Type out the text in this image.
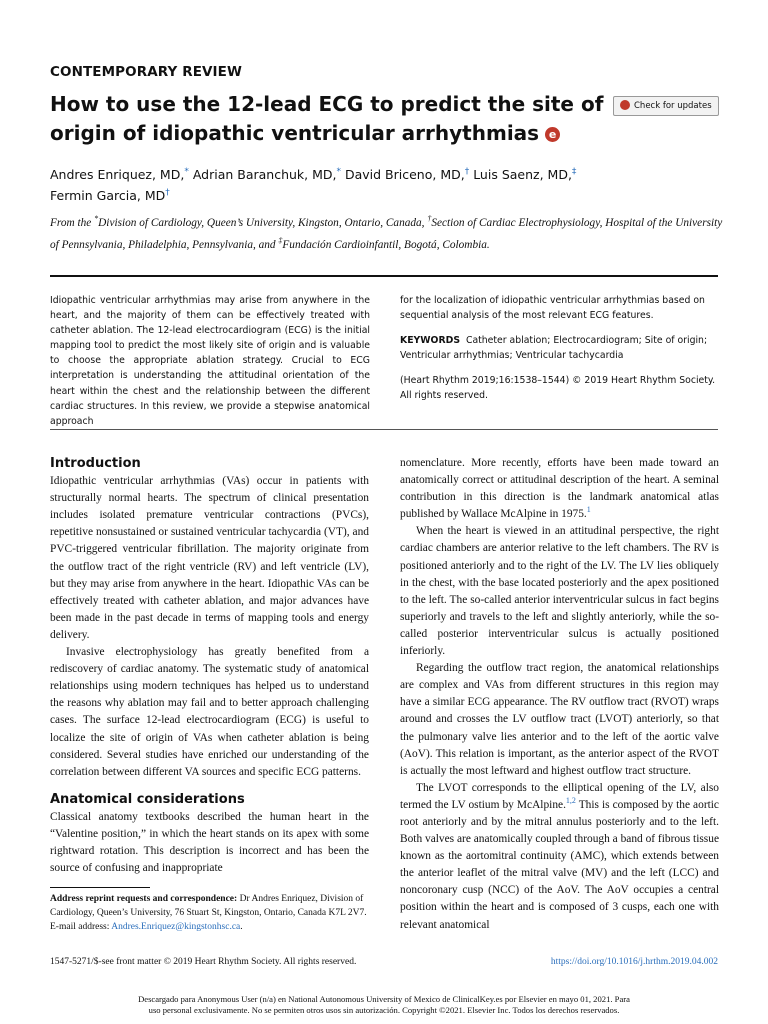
CONTEMPORARY REVIEW
How to use the 12-lead ECG to predict the site of origin of idiopathic ventricular arrhythmias e
Check for updates
Andres Enriquez, MD,* Adrian Baranchuk, MD,* David Briceno, MD,† Luis Saenz, MD,‡
Fermin Garcia, MD†
From the *Division of Cardiology, Queen’s University, Kingston, Ontario, Canada, †Section of Cardiac Electrophysiology, Hospital of the University of Pennsylvania, Philadelphia, Pennsylvania, and ‡Fundación Cardioinfantil, Bogotá, Colombia.
Idiopathic ventricular arrhythmias may arise from anywhere in the heart, and the majority of them can be effectively treated with catheter ablation. The 12-lead electrocardiogram (ECG) is the initial mapping tool to predict the most likely site of origin and is valuable to choose the appropriate ablation strategy. Crucial to ECG interpretation is understanding the attitudinal orientation of the heart within the chest and the relationship between the different cardiac structures. In this review, we provide a stepwise anatomical approach

for the localization of idiopathic ventricular arrhythmias based on sequential analysis of the most relevant ECG features.

KEYWORDS Catheter ablation; Electrocardiogram; Site of origin; Ventricular arrhythmias; Ventricular tachycardia

(Heart Rhythm 2019;16:1538–1544) © 2019 Heart Rhythm Society. All rights reserved.

Introduction

Idiopathic ventricular arrhythmias (VAs) occur in patients with structurally normal hearts. The spectrum of clinical presentation includes isolated premature ventricular contractions (PVCs), repetitive nonsustained or sustained ventricular tachycardia (VT), and PVC-triggered ventricular fibrillation. The majority originate from the outflow tract of the right ventricle (RV) and left ventricle (LV), but they may arise from anywhere in the heart. Idiopathic VAs can be effectively treated with catheter ablation, and major advances have been made in the past decade in terms of mapping tools and energy delivery.

Invasive electrophysiology has greatly benefited from a rediscovery of cardiac anatomy. The systematic study of anatomical relationships using modern techniques has helped us to understand the reasons why ablation may fail and to better approach challenging cases. The surface 12-lead electrocardiogram (ECG) is useful to localize the site of origin of VAs when catheter ablation is being considered. Several studies have enriched our understanding of the correlation between different VA sources and specific ECG patterns.

Anatomical considerations

Classical anatomy textbooks described the human heart in the “Valentine position,” in which the heart stands on its apex with some rightward rotation. This description is incorrect and has been the source of confusing and inappropriate

nomenclature. More recently, efforts have been made toward an anatomically correct or attitudinal description of the heart. A seminal contribution in this direction is the landmark anatomical atlas published by Wallace McAlpine in 1975.$^1$

When the heart is viewed in an attitudinal perspective, the right cardiac chambers are anterior relative to the left chambers. The RV is positioned anteriorly and to the right of the LV. The LV lies obliquely in the chest, with the base located posteriorly and the apex positioned to the left. The so-called anterior interventricular sulcus in fact begins superiorly and travels to the left and slightly anteriorly, while the so-called posterior interventricular sulcus is actually positioned inferiorly.

Regarding the outflow tract region, the anatomical relationships are complex and VAs from different structures in this region may have a similar ECG appearance. The RV outflow tract (RVOT) wraps around and crosses the LV outflow tract (LVOT) anteriorly, so that the pulmonary valve lies anterior and to the left of the aortic valve (AoV). This relation is important, as the anterior aspect of the RVOT is actually the most leftward and highest outflow tract structure.

The LVOT corresponds to the elliptical opening of the LV, also termed the LV ostium by McAlpine.$^{1,2}$ This is composed by the aortic root anteriorly and by the mitral annulus posteriorly and to the left. Both valves are anatomically coupled through a band of fibrous tissue known as the aortomitral continuity (AMC), which extends between the anterior leaflet of the mitral valve (MV) and the left (LCC) and noncoronary cusp (NCC) of the AoV. The AoV occupies a central position within the heart and is composed of 3 cusps, each one with relevant anatomical

Address reprint requests and correspondence: Dr Andres Enriquez, Division of Cardiology, Queen’s University, 76 Stuart St, Kingston, Ontario, Canada K7L 2V7. E-mail address: Andres.Enriquez@kingstonhsc.ca.
1547-5271/$-see front matter © 2019 Heart Rhythm Society. All rights reserved.	https://doi.org/10.1016/j.hrthm.2019.04.002
Descargado para Anonymous User (n/a) en National Autonomous University of Mexico de ClinicalKey.es por Elsevier en mayo 01, 2021. Para
uso personal exclusivamente. No se permiten otros usos sin autorización. Copyright ©2021. Elsevier Inc. Todos los derechos reservados.
